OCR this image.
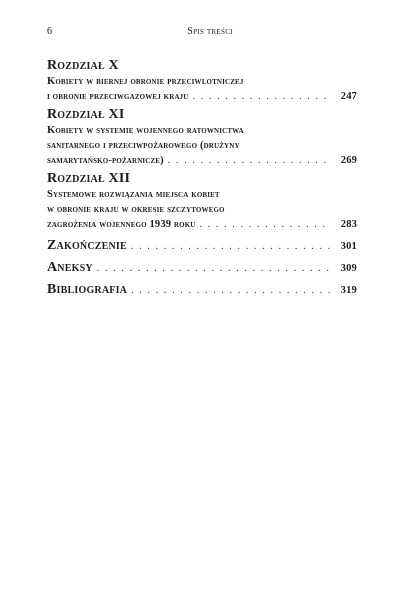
6	Spis treści
Rozdział X
Kobiety w biernej obronie przeciwlotniczej
i obronie przeciwgazowej kraju . . .	247
Rozdział XI
Kobiety w systemie wojennego ratownictwa
sanitarnego i przeciwpożarowego (drużyny
samarytańsko-pożarnicze) . . .	269
Rozdział XII
Systemowe rozwiązania miejsca kobiet
w obronie kraju w okresie szczytowego
zagrożenia wojennego 1939 roku . . .	283
Zakończenie . . .	301
Aneksy . . .	309
Bibliografia . . .	319
